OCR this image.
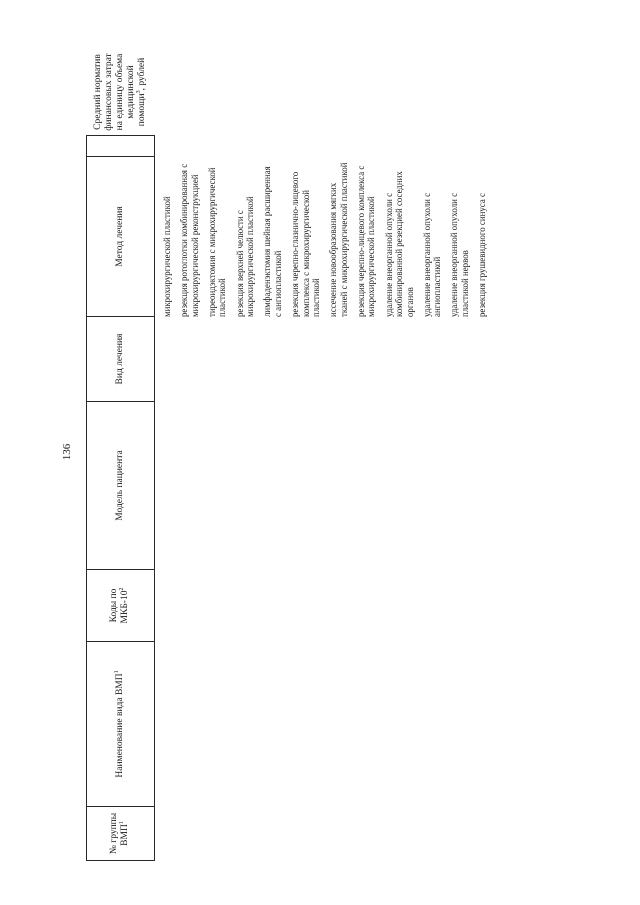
136
№ группы ВМП$^1$
Наименование вида ВМП$^1$
Коды по МКБ-$10^2$
Модель пациента
Вид лечения
Метод лечения
Средний норматив финансовых затрат на единицу объема медицинской помощи$^3$, рублей
микрохирургической пластикой резекция ротоглотки комбинированная с микрохирургической реконструкцией тиреоидэктомия с микрохирургической пластикой резекция верхней челюсти с микрохирургической пластикой лимфаденэктомия шейная расширенная с ангиопластикой резекция черепно-глазнично-лицевого комплекса с микрохирургической пластикой иссечение новообразования мягких тканей с микрохирургической пластикой резекция черепно-лицевого комплекса с микрохирургической пластикой удаление внеорганной опухоли с комбинированной резекцией соседних органов удаление внеорганной опухоли с ангиопластикой удаление внеорганной опухоли с пластикой нервов резекция грушевидного синуса с
